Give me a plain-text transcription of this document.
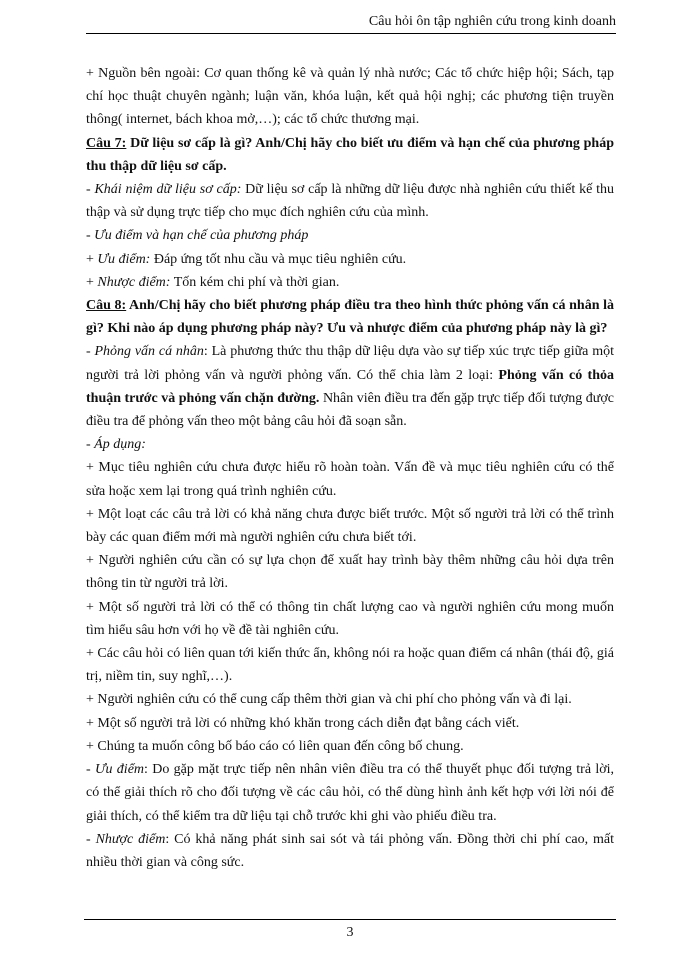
Câu hỏi ôn tập nghiên cứu trong kinh doanh

+ Nguồn bên ngoài: Cơ quan thống kê và quản lý nhà nước; Các tổ chức hiệp hội; Sách, tạp chí học thuật chuyên ngành; luận văn, khóa luận, kết quả hội nghị; các phương tiện truyền thông( internet, bách khoa mở,…); các tổ chức thương mại.

Câu 7: Dữ liệu sơ cấp là gì? Anh/Chị hãy cho biết ưu điểm và hạn chế của phương pháp thu thập dữ liệu sơ cấp.

- Khái niệm dữ liệu sơ cấp: Dữ liệu sơ cấp là những dữ liệu được nhà nghiên cứu thiết kế thu thập và sử dụng trực tiếp cho mục đích nghiên cứu của mình.

- Ưu điểm và hạn chế của phương pháp

+ Ưu điểm: Đáp ứng tốt nhu cầu và mục tiêu nghiên cứu.

+ Nhược điểm: Tốn kém chi phí và thời gian.

Câu 8: Anh/Chị hãy cho biết phương pháp điều tra theo hình thức phỏng vấn cá nhân là gì? Khi nào áp dụng phương pháp này? Ưu và nhược điểm của phương pháp này là gì?

- Phỏng vấn cá nhân: Là phương thức thu thập dữ liệu dựa vào sự tiếp xúc trực tiếp giữa một người trả lời phỏng vấn và người phỏng vấn. Có thể chia làm 2 loại: Phỏng vấn có thỏa thuận trước và phỏng vấn chặn đường. Nhân viên điều tra đến gặp trực tiếp đối tượng được điều tra để phỏng vấn theo một bảng câu hỏi đã soạn sẵn.

- Áp dụng:

+ Mục tiêu nghiên cứu chưa được hiểu rõ hoàn toàn. Vấn đề và mục tiêu nghiên cứu có thể sửa hoặc xem lại trong quá trình nghiên cứu.

+ Một loạt các câu trả lời có khả năng chưa được biết trước. Một số người trả lời có thể trình bày các quan điểm mới mà người nghiên cứu chưa biết tới.

+ Người nghiên cứu cần có sự lựa chọn để xuất hay trình bày thêm những câu hỏi dựa trên thông tin từ người trả lời.

+ Một số người trả lời có thể có thông tin chất lượng cao và người nghiên cứu mong muốn tìm hiểu sâu hơn với họ về đề tài nghiên cứu.

+ Các câu hỏi có liên quan tới kiến thức ẩn, không nói ra hoặc quan điểm cá nhân (thái độ, giá trị, niềm tin, suy nghĩ,…).

+ Người nghiên cứu có thể cung cấp thêm thời gian và chi phí cho phỏng vấn và đi lại.

+ Một số người trả lời có những khó khăn trong cách diễn đạt bằng cách viết.

+ Chúng ta muốn công bố báo cáo có liên quan đến công bố chung.

- Ưu điểm: Do gặp mặt trực tiếp nên nhân viên điều tra có thể thuyết phục đối tượng trả lời, có thể giải thích rõ cho đối tượng về các câu hỏi, có thể dùng hình ảnh kết hợp với lời nói để giải thích, có thể kiểm tra dữ liệu tại chỗ trước khi ghi vào phiếu điều tra.

- Nhược điểm: Có khả năng phát sinh sai sót và tái phỏng vấn. Đồng thời chi phí cao, mất nhiều thời gian và công sức.

3
